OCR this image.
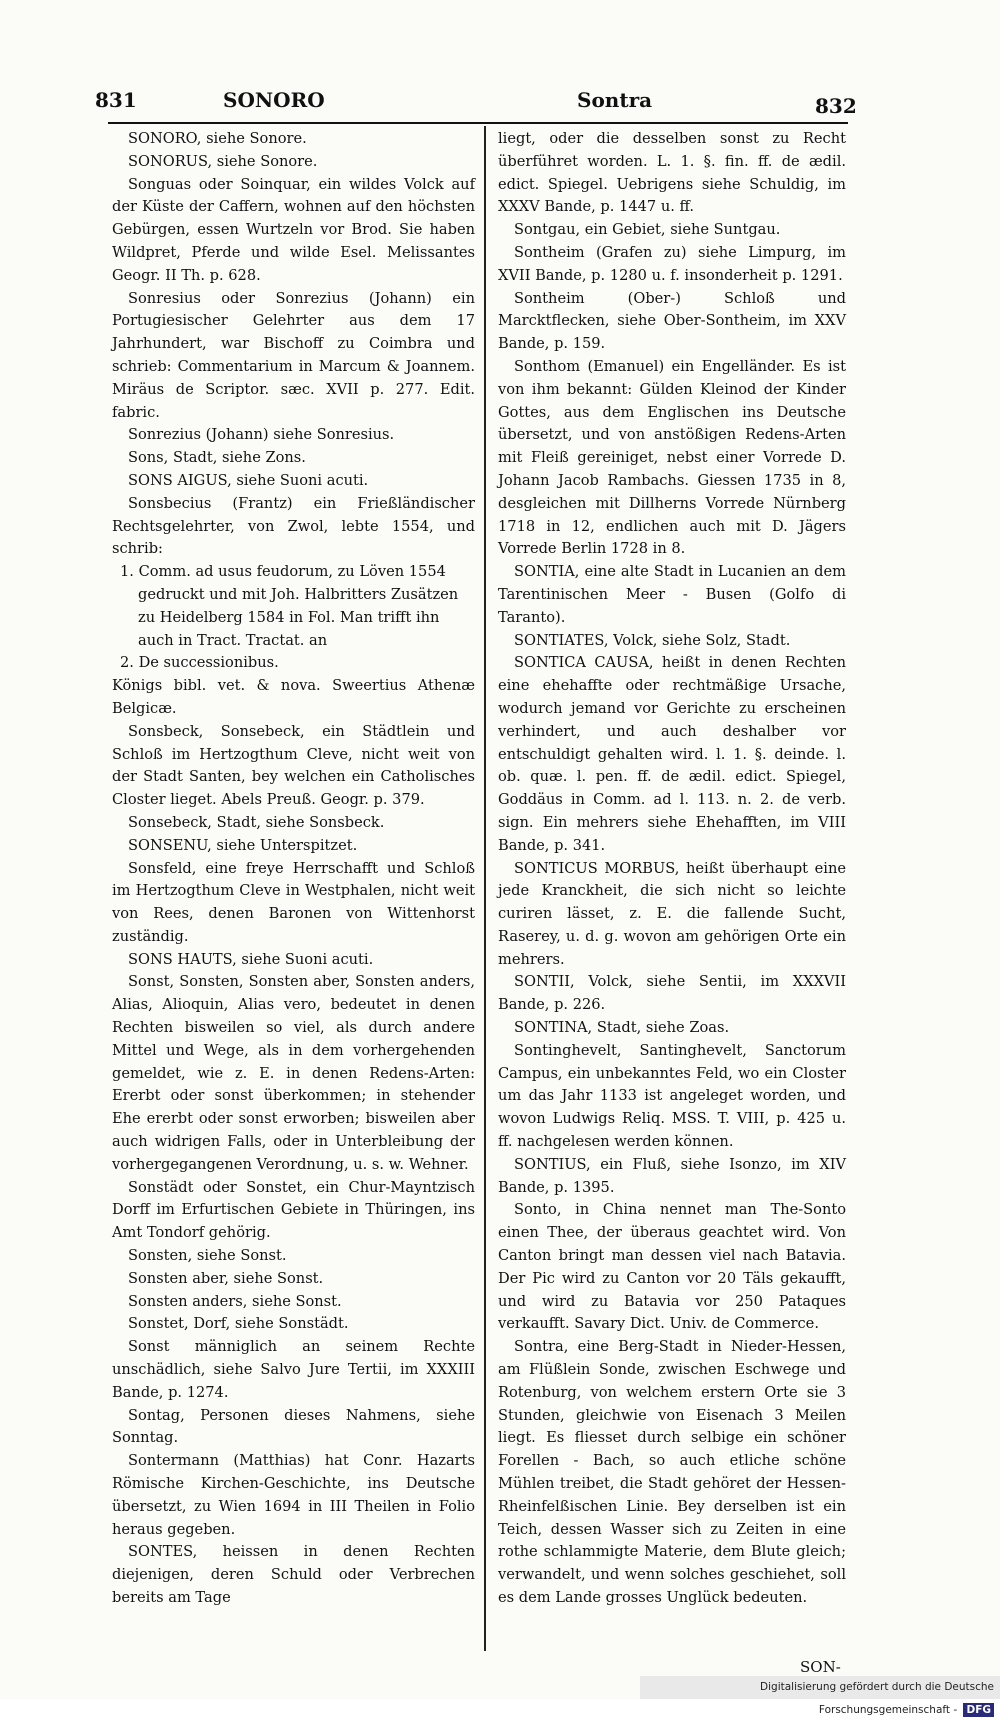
831	SONORO	Sontra	832

SONORO, siehe Sonore.

SONORUS, siehe Sonore.

Songuas oder Soinquar, ein wildes Volck auf der Küste der Caffern, wohnen auf den höchsten Gebürgen, essen Wurtzeln vor Brod. Sie haben Wildpret, Pferde und wilde Esel. Melissantes Geogr. II Th. p. 628.

Sonresius oder Sonrezius (Johann) ein Portugiesischer Gelehrter aus dem 17 Jahrhundert, war Bischoff zu Coimbra und schrieb: Commentarium in Marcum & Joannem. Miräus de Scriptor. sæc. XVII p. 277. Edit. fabric.

Sonrezius (Johann) siehe Sonresius.

Sons, Stadt, siehe Zons.

SONS AIGUS, siehe Suoni acuti.

Sonsbecius (Frantz) ein Frießländischer Rechtsgelehrter, von Zwol, lebte 1554, und schrib:

1. Comm. ad usus feudorum, zu Löven 1554 gedruckt und mit Joh. Halbritters Zusätzen zu Heidelberg 1584 in Fol. Man trifft ihn auch in Tract. Tractat. an

2. De successionibus.

Königs bibl. vet. & nova. Sweertius Athenæ Belgicæ.

Sonsbeck, Sonsebeck, ein Städtlein und Schloß im Hertzogthum Cleve, nicht weit von der Stadt Santen, bey welchen ein Catholisches Closter lieget. Abels Preuß. Geogr. p. 379.

Sonsebeck, Stadt, siehe Sonsbeck.

SONSENU, siehe Unterspitzet.

Sonsfeld, eine freye Herrschafft und Schloß im Hertzogthum Cleve in Westphalen, nicht weit von Rees, denen Baronen von Wittenhorst zuständig.

SONS HAUTS, siehe Suoni acuti.

Sonst, Sonsten, Sonsten aber, Sonsten anders, Alias, Alioquin, Alias vero, bedeutet in denen Rechten bisweilen so viel, als durch andere Mittel und Wege, als in dem vorhergehenden gemeldet, wie z. E. in denen Redens-Arten: Ererbt oder sonst überkommen; in stehender Ehe ererbt oder sonst erworben; bisweilen aber auch widrigen Falls, oder in Unterbleibung der vorhergegangenen Verordnung, u. s. w. Wehner.

Sonstädt oder Sonstet, ein Chur-Mayntzisch Dorff im Erfurtischen Gebiete in Thüringen, ins Amt Tondorf gehörig.

Sonsten, siehe Sonst.

Sonsten aber, siehe Sonst.

Sonsten anders, siehe Sonst.

Sonstet, Dorf, siehe Sonstädt.

Sonst männiglich an seinem Rechte unschädlich, siehe Salvo Jure Tertii, im XXXIII Bande, p. 1274.

Sontag, Personen dieses Nahmens, siehe Sonntag.

Sontermann (Matthias) hat Conr. Hazarts Römische Kirchen-Geschichte, ins Deutsche übersetzt, zu Wien 1694 in III Theilen in Folio heraus gegeben.

SONTES, heissen in denen Rechten diejenigen, deren Schuld oder Verbrechen bereits am Tage

liegt, oder die desselben sonst zu Recht überführet worden. L. 1. §. fin. ff. de ædil. edict. Spiegel. Uebrigens siehe Schuldig, im XXXV Bande, p. 1447 u. ff.

Sontgau, ein Gebiet, siehe Suntgau.

Sontheim (Grafen zu) siehe Limpurg, im XVII Bande, p. 1280 u. f. insonderheit p. 1291.

Sontheim (Ober-) Schloß und Marcktflecken, siehe Ober-Sontheim, im XXV Bande, p. 159.

Sonthom (Emanuel) ein Engelländer. Es ist von ihm bekannt: Gülden Kleinod der Kinder Gottes, aus dem Englischen ins Deutsche übersetzt, und von anstößigen Redens-Arten mit Fleiß gereiniget, nebst einer Vorrede D. Johann Jacob Rambachs. Giessen 1735 in 8, desgleichen mit Dillherns Vorrede Nürnberg 1718 in 12, endlichen auch mit D. Jägers Vorrede Berlin 1728 in 8.

SONTIA, eine alte Stadt in Lucanien an dem Tarentinischen Meer - Busen (Golfo di Taranto).

SONTIATES, Volck, siehe Solz, Stadt.

SONTICA CAUSA, heißt in denen Rechten eine ehehaffte oder rechtmäßige Ursache, wodurch jemand vor Gerichte zu erscheinen verhindert, und auch deshalber vor entschuldigt gehalten wird. l. 1. §. deinde. l. ob. quæ. l. pen. ff. de ædil. edict. Spiegel, Goddäus in Comm. ad l. 113. n. 2. de verb. sign. Ein mehrers siehe Ehehafften, im VIII Bande, p. 341.

SONTICUS MORBUS, heißt überhaupt eine jede Kranckheit, die sich nicht so leichte curiren lässet, z. E. die fallende Sucht, Raserey, u. d. g. wovon am gehörigen Orte ein mehrers.

SONTII, Volck, siehe Sentii, im XXXVII Bande, p. 226.

SONTINA, Stadt, siehe Zoas.

Sontinghevelt, Santinghevelt, Sanctorum Campus, ein unbekanntes Feld, wo ein Closter um das Jahr 1133 ist angeleget worden, und wovon Ludwigs Reliq. MSS. T. VIII, p. 425 u. ff. nachgelesen werden können.

SONTIUS, ein Fluß, siehe Isonzo, im XIV Bande, p. 1395.

Sonto, in China nennet man The-Sonto einen Thee, der überaus geachtet wird. Von Canton bringt man dessen viel nach Batavia. Der Pic wird zu Canton vor 20 Täls gekaufft, und wird zu Batavia vor 250 Pataques verkaufft. Savary Dict. Univ. de Commerce.

Sontra, eine Berg-Stadt in Nieder-Hessen, am Flüßlein Sonde, zwischen Eschwege und Rotenburg, von welchem erstern Orte sie 3 Stunden, gleichwie von Eisenach 3 Meilen liegt. Es fliesset durch selbige ein schöner Forellen - Bach, so auch etliche schöne Mühlen treibet, die Stadt gehöret der Hessen-Rheinfelßischen Linie. Bey derselben ist ein Teich, dessen Wasser sich zu Zeiten in eine rothe schlammigte Materie, dem Blute gleich; verwandelt, und wenn solches geschiehet, soll es dem Lande grosses Unglück bedeuten.

SON-
Digitalisierung gefördert durch die Deutsche Forschungsgemeinschaft - DFG
